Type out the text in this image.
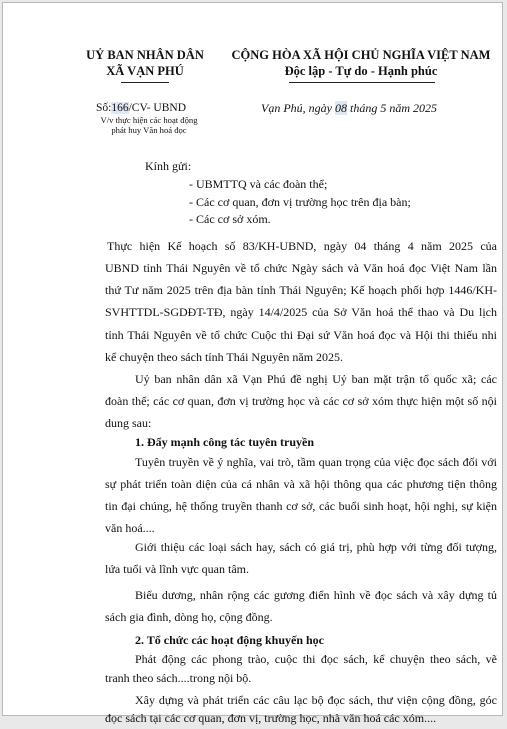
UỶ BAN NHÂN DÂN
XÃ VẠN PHÚ
Số:166/CV- UBND
V/v thực hiện các hoạt động
phát huy Văn hoá đọc
CỘNG HÒA XÃ HỘI CHỦ NGHĨA VIỆT NAM
Độc lập - Tự do - Hạnh phúc
Vạn Phú, ngày 08 tháng 5 năm 2025
Kính gửi:
- UBMTTQ và các đoàn thể;
- Các cơ quan, đơn vị trường học trên địa bàn;
- Các cơ sở xóm.
Thực hiện Kế hoạch số 83/KH-UBND, ngày 04 tháng 4 năm 2025 của
UBND tỉnh Thái Nguyên về tổ chức Ngày sách và Văn hoá đọc Việt Nam lần
thứ Tư năm 2025 trên địa bàn tỉnh Thái Nguyên; Kế hoạch phối hợp 1446/KH-
SVHTTDL-SGDĐT-TĐ, ngày 14/4/2025 của Sở Văn hoá thể thao và Du lịch
tỉnh Thái Nguyên về tổ chức Cuộc thi Đại sứ Văn hoá đọc và Hội thi thiếu nhi
kể chuyện theo sách tỉnh Thái Nguyên năm 2025.
Uỷ ban nhân dân xã Vạn Phú đề nghị Uỷ ban mặt trận tổ quốc xã; các
đoàn thể; các cơ quan, đơn vị trường học và các cơ sở xóm thực hiện một số nội
dung sau:
1. Đẩy mạnh công tác tuyên truyền
Tuyên truyền về ý nghĩa, vai trò, tầm quan trọng của việc đọc sách đối với
sự phát triển toàn diện của cá nhân và xã hội thông qua các phương tiện thông
tin đại chúng, hệ thống truyền thanh cơ sở, các buổi sinh hoạt, hội nghị, sự kiện
văn hoá....
Giới thiệu các loại sách hay, sách có giá trị, phù hợp với từng đối tượng,
lứa tuổi và lĩnh vực quan tâm.
Biểu dương, nhân rộng các gương điển hình về đọc sách và xây dựng tủ
sách gia đình, dòng họ, cộng đồng.
2. Tổ chức các hoạt động khuyến học
Phát động các phong trào, cuộc thi đọc sách, kể chuyện theo sách, vẽ
tranh theo sách....trong nội bộ.
Xây dựng và phát triển các câu lạc bộ đọc sách, thư viện cộng đồng, góc
đọc sách tại các cơ quan, đơn vị, trường học, nhà văn hoá các xóm....
